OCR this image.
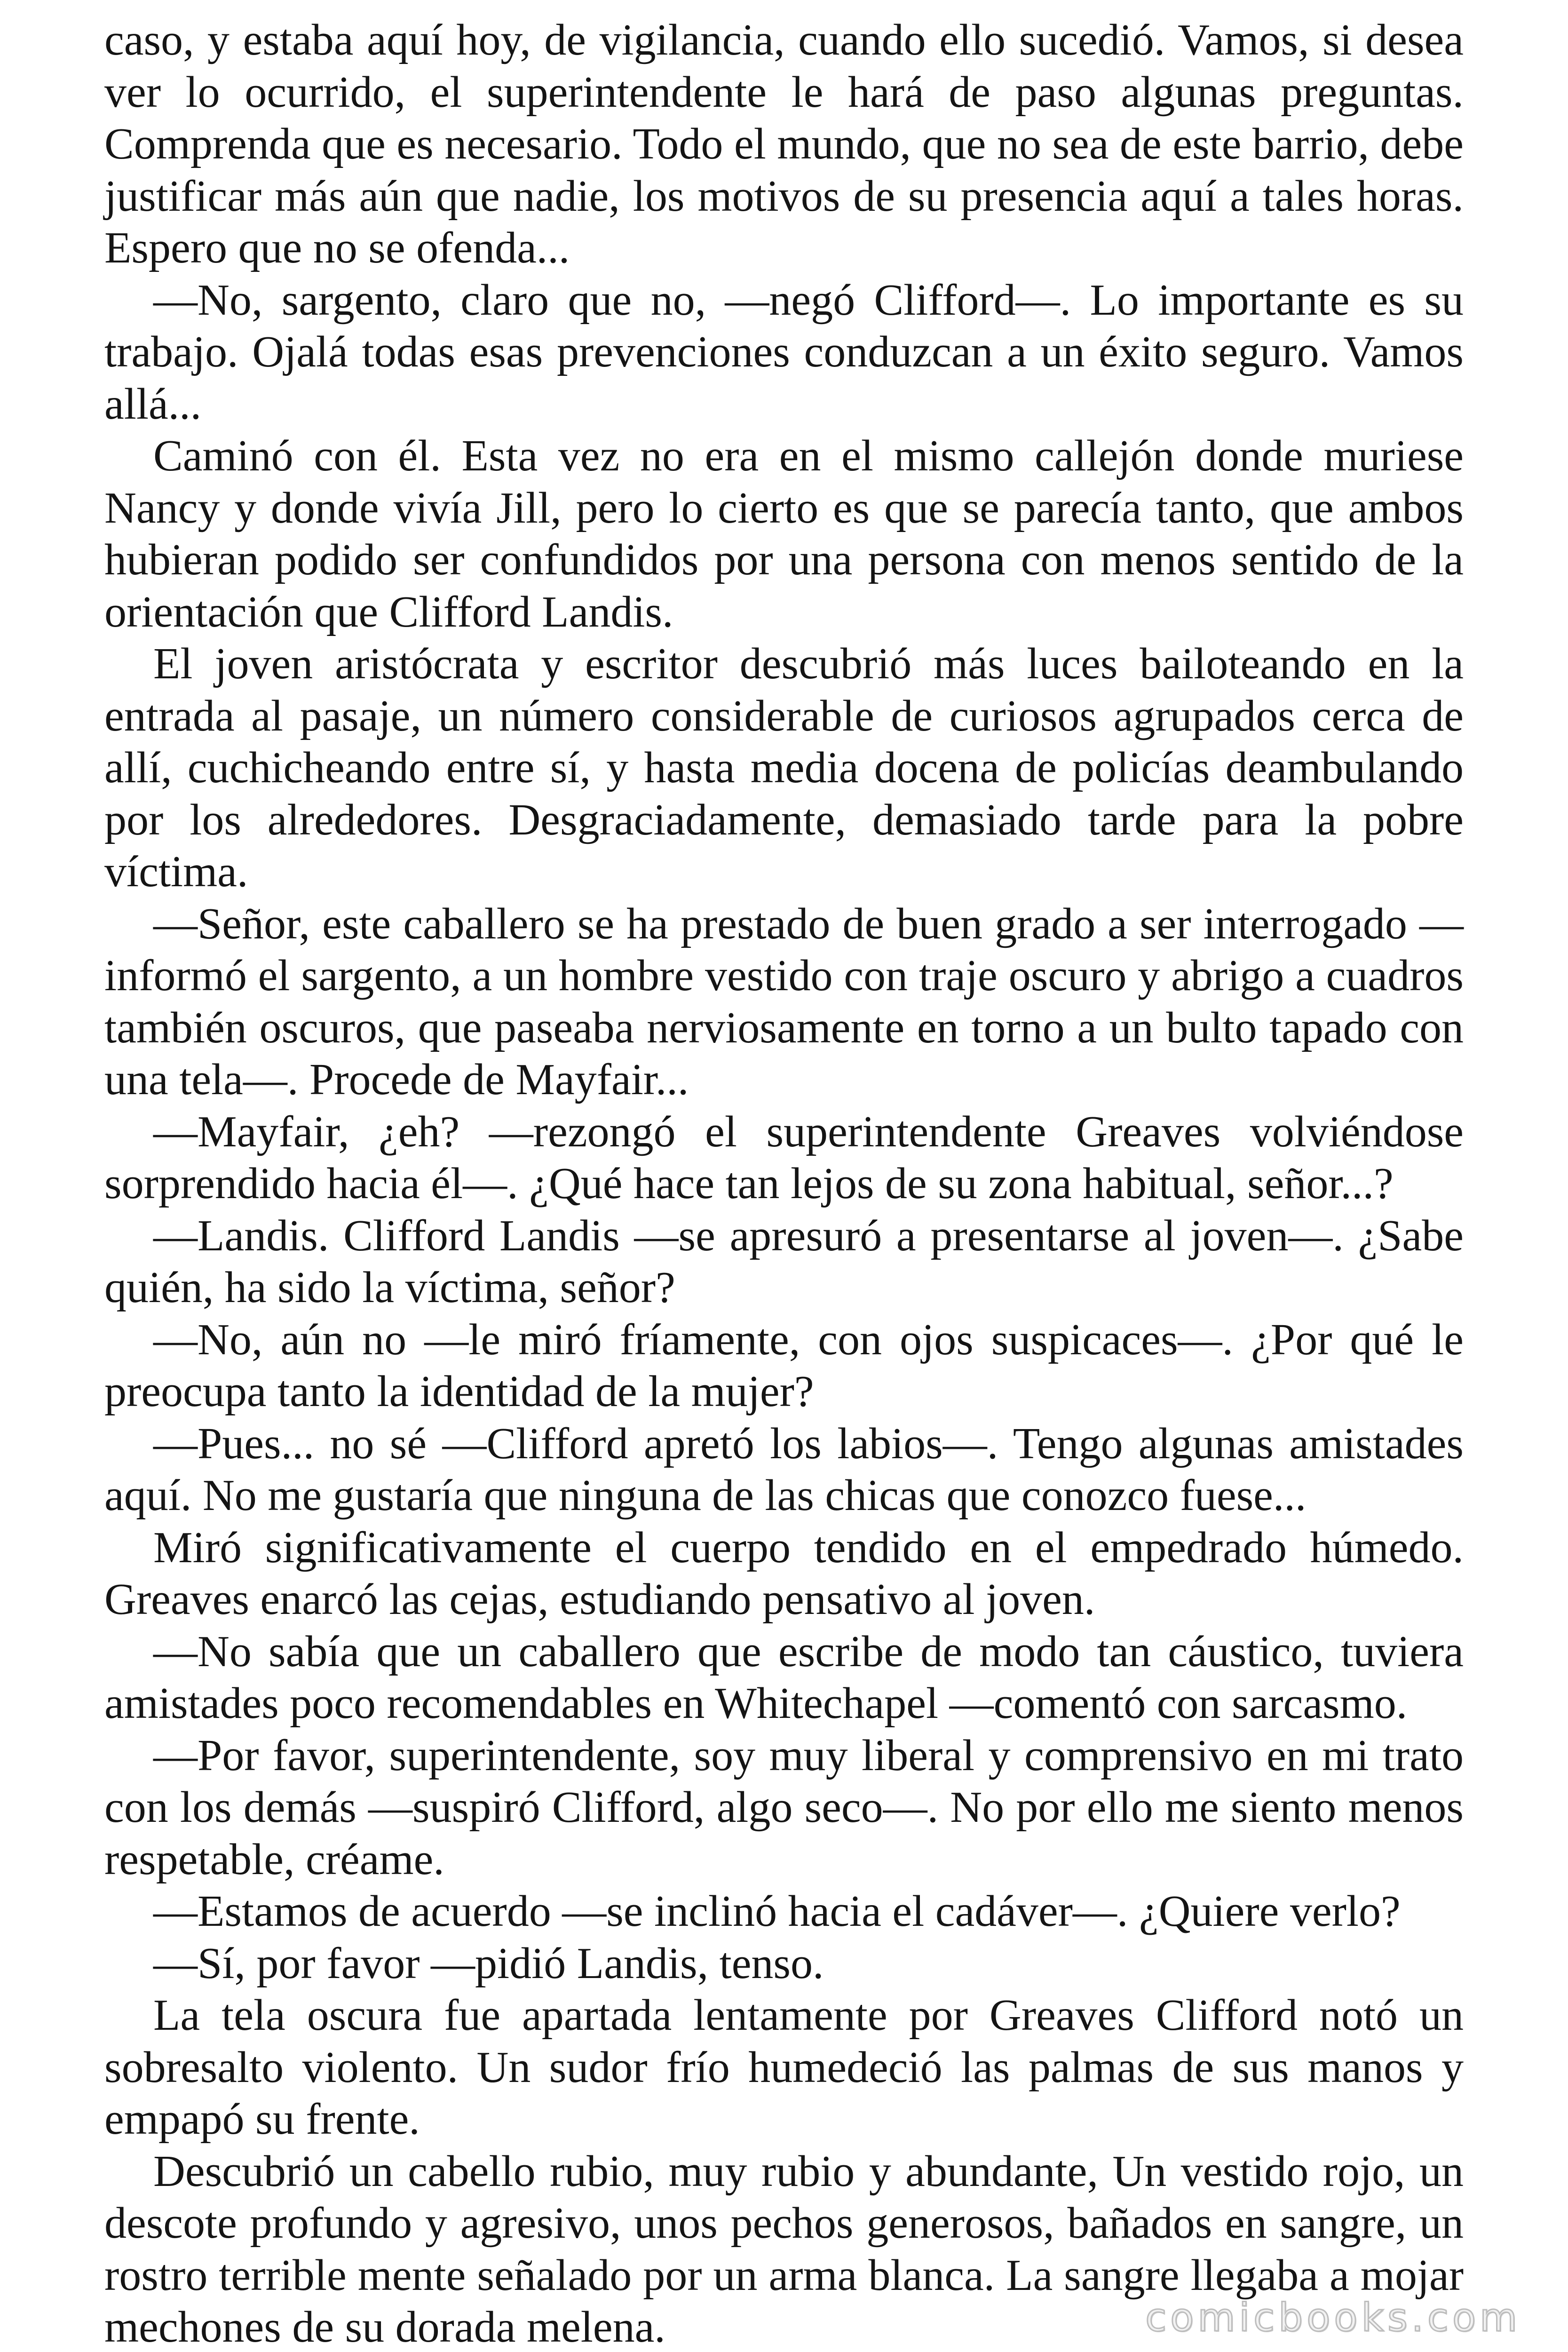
caso, y estaba aquí hoy, de vigilancia, cuando ello sucedió. Vamos, si desea ver lo ocurrido, el superintendente le hará de paso algunas preguntas. Comprenda que es necesario. Todo el mundo, que no sea de este barrio, debe justificar más aún que nadie, los motivos de su presencia aquí a tales horas. Espero que no se ofenda...

—No, sargento, claro que no, —negó Clifford—. Lo importante es su trabajo. Ojalá todas esas prevenciones conduzcan a un éxito seguro. Vamos allá...

Caminó con él. Esta vez no era en el mismo callejón donde muriese Nancy y donde vivía Jill, pero lo cierto es que se parecía tanto, que ambos hubieran podido ser confundidos por una persona con menos sentido de la orientación que Clifford Landis.

El joven aristócrata y escritor descubrió más luces bailoteando en la entrada al pasaje, un número considerable de curiosos agrupados cerca de allí, cuchicheando entre sí, y hasta media docena de policías deambulando por los alrededores. Desgraciadamente, demasiado tarde para la pobre víctima.

—Señor, este caballero se ha prestado de buen grado a ser interrogado —informó el sargento, a un hombre vestido con traje oscuro y abrigo a cuadros también oscuros, que paseaba nerviosamente en torno a un bulto tapado con una tela—. Procede de Mayfair...

—Mayfair, ¿eh? —rezongó el superintendente Greaves volviéndose sorprendido hacia él—. ¿Qué hace tan lejos de su zona habitual, señor...?

—Landis. Clifford Landis —se apresuró a presentarse al joven—. ¿Sabe quién, ha sido la víctima, señor?

—No, aún no —le miró fríamente, con ojos suspicaces—. ¿Por qué le preocupa tanto la identidad de la mujer?

—Pues... no sé —Clifford apretó los labios—. Tengo algunas amistades aquí. No me gustaría que ninguna de las chicas que conozco fuese...

Miró significativamente el cuerpo tendido en el empedrado húmedo. Greaves enarcó las cejas, estudiando pensativo al joven.

—No sabía que un caballero que escribe de modo tan cáustico, tuviera amistades poco recomendables en Whitechapel —comentó con sarcasmo.

—Por favor, superintendente, soy muy liberal y comprensivo en mi trato con los demás —suspiró Clifford, algo seco—. No por ello me siento menos respetable, créame.

—Estamos de acuerdo —se inclinó hacia el cadáver—. ¿Quiere verlo?

—Sí, por favor —pidió Landis, tenso.

La tela oscura fue apartada lentamente por Greaves Clifford notó un sobresalto violento. Un sudor frío humedeció las palmas de sus manos y empapó su frente.

Descubrió un cabello rubio, muy rubio y abundante, Un vestido rojo, un descote profundo y agresivo, unos pechos generosos, bañados en sangre, un rostro terrible mente señalado por un arma blanca. La sangre llegaba a mojar mechones de su dorada melena.	comicbooks.com
